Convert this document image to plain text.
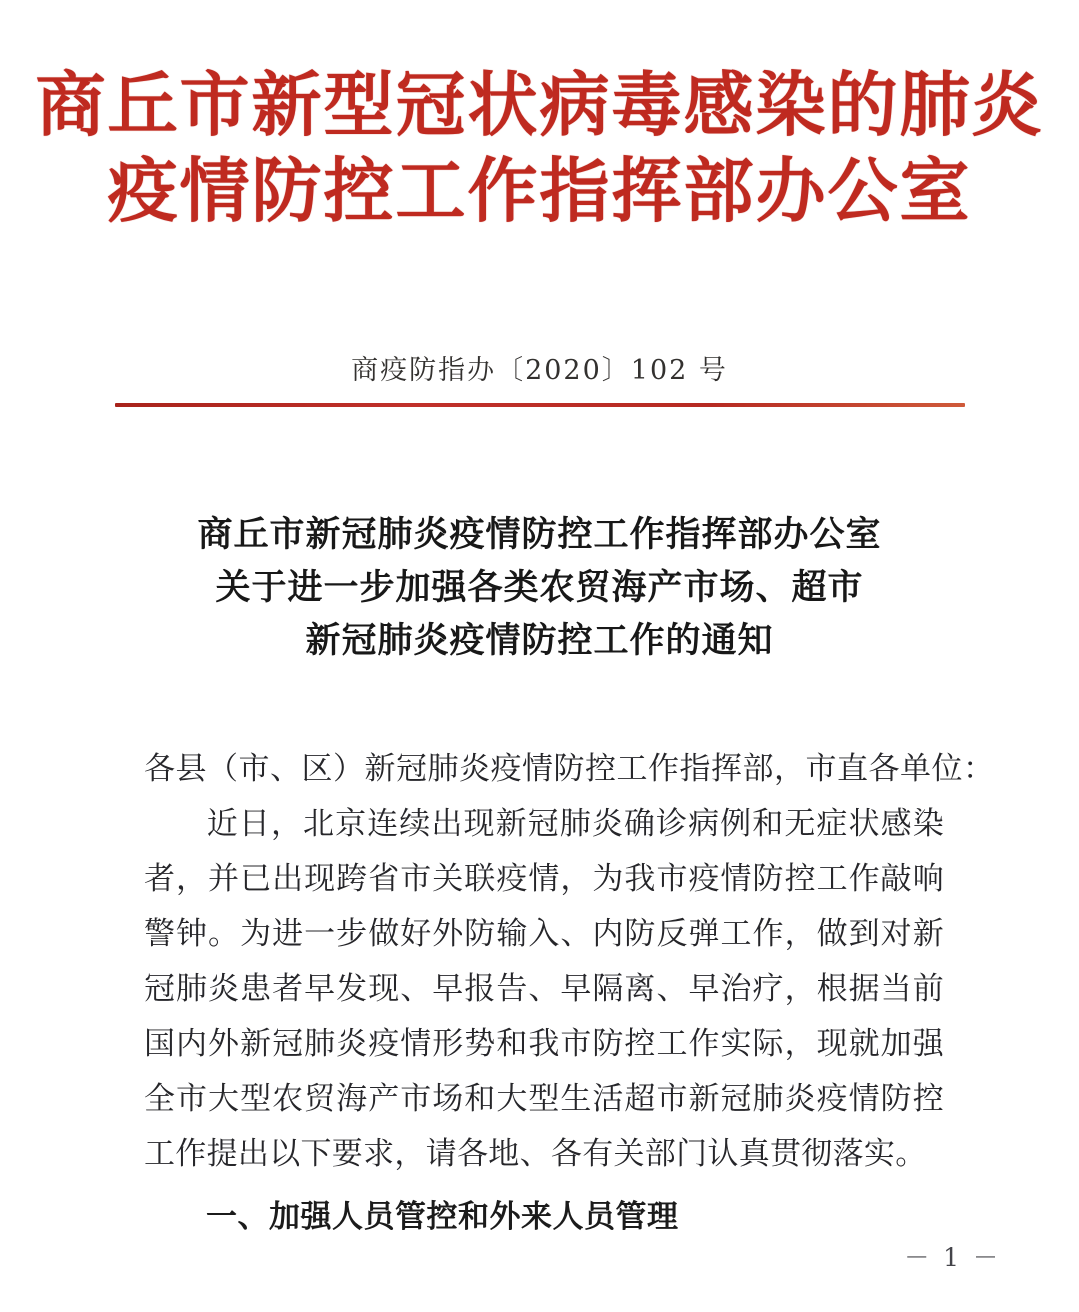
商丘市新型冠状病毒感染的肺炎
疫情防控工作指挥部办公室
商疫防指办〔2020〕102 号
商丘市新冠肺炎疫情防控工作指挥部办公室
关于进一步加强各类农贸海产市场、超市
新冠肺炎疫情防控工作的通知
各县（市、区）新冠肺炎疫情防控工作指挥部，市直各单位：

近日，北京连续出现新冠肺炎确诊病例和无症状感染者，并已出现跨省市关联疫情，为我市疫情防控工作敲响警钟。为进一步做好外防输入、内防反弹工作，做到对新冠肺炎患者早发现、早报告、早隔离、早治疗，根据当前国内外新冠肺炎疫情形势和我市防控工作实际，现就加强全市大型农贸海产市场和大型生活超市新冠肺炎疫情防控工作提出以下要求，请各地、各有关部门认真贯彻落实。

一、加强人员管控和外来人员管理
－ 1 －
